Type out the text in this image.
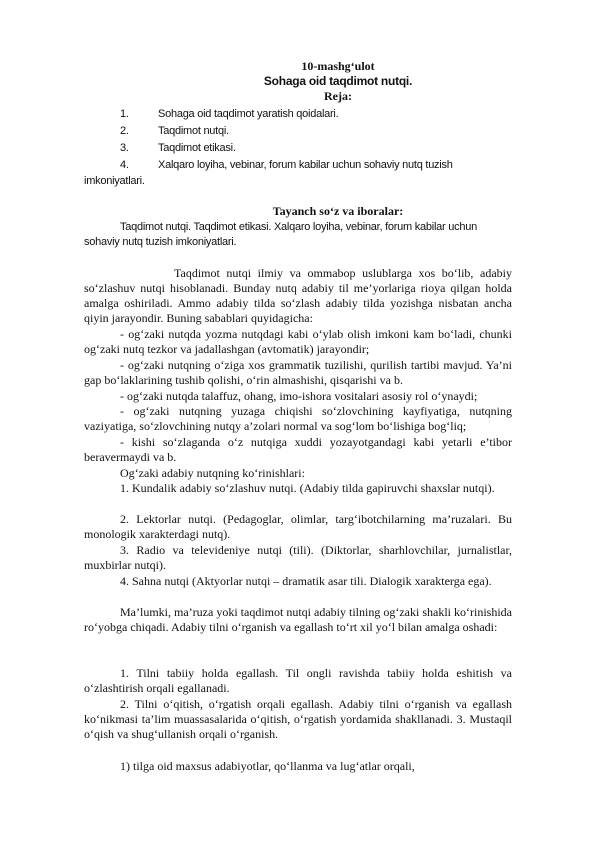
10-mashg‘ulot
Sohaga oid taqdimot nutqi.
Reja:
1.	Sohaga oid taqdimot yaratish qoidalari.
2.	Taqdimot nutqi.
3.	Taqdimot etikasi.
4.	Xalqaro loyiha, vebinar, forum kabilar uchun sohaviy nutq tuzish
imkoniyatlari.
Tayanch so‘z va iboralar:
Taqdimot nutqi. Taqdimot etikasi. Xalqaro loyiha, vebinar, forum kabilar uchun sohaviy nutq tuzish imkoniyatlari.
Taqdimot nutqi ilmiy va ommabop uslublarga xos bo‘lib, adabiy so‘zlashuv nutqi hisoblanadi. Bunday nutq adabiy til me’yorlariga rioya qilgan holda amalga oshiriladi. Ammo adabiy tilda so‘zlash adabiy tilda yozishga nisbatan ancha qiyin jarayondir. Buning sabablari quyidagicha:
- og‘zaki nutqda yozma nutqdagi kabi o‘ylab olish imkoni kam bo‘ladi, chunki og‘zaki nutq tezkor va jadallashgan (avtomatik) jarayondir;
- og‘zaki nutqning o‘ziga xos grammatik tuzilishi, qurilish tartibi mavjud. Ya’ni gap bo‘laklarining tushib qolishi, o‘rin almashishi, qisqarishi va b.
- og‘zaki nutqda talaffuz, ohang, imo-ishora vositalari asosiy rol o‘ynaydi;
- og‘zaki nutqning yuzaga chiqishi so‘zlovchining kayfiyatiga, nutqning vaziyatiga, so‘zlovchining nutqy a’zolari normal va sog‘lom bo‘lishiga bog‘liq;
- kishi so‘zlaganda o‘z nutqiga xuddi yozayotgandagi kabi yetarli e’tibor beravermaydi va b.
Og‘zaki adabiy nutqning ko‘rinishlari:
1. Kundalik adabiy so‘zlashuv nutqi. (Adabiy tilda gapiruvchi shaxslar nutqi).
2. Lektorlar nutqi. (Pedagoglar, olimlar, targ‘ibotchilarning ma’ruzalari. Bu monologik xarakterdagi nutq).
3. Radio va televideniye nutqi (tili). (Diktorlar, sharhlovchilar, jurnalistlar, muxbirlar nutqi).
4. Sahna nutqi (Aktyorlar nutqi – dramatik asar tili. Dialogik xarakterga ega).
Ma’lumki, ma’ruza yoki taqdimot nutqi adabiy tilning og‘zaki shakli ko‘rinishida ro‘yobga chiqadi. Adabiy tilni o‘rganish va egallash to‘rt xil yo‘l bilan amalga oshadi:
1. Tilni tabiiy holda egallash. Til ongli ravishda tabiiy holda eshitish va o‘zlashtirish orqali egallanadi.
2. Tilni o‘qitish, o‘rgatish orqali egallash. Adabiy tilni o‘rganish va egallash ko‘nikmasi ta’lim muassasalarida o‘qitish, o‘rgatish yordamida shakllanadi. 3. Mustaqil o‘qish va shug‘ullanish orqali o‘rganish.
1) tilga oid maxsus adabiyotlar, qo‘llanma va lug‘atlar orqali,
